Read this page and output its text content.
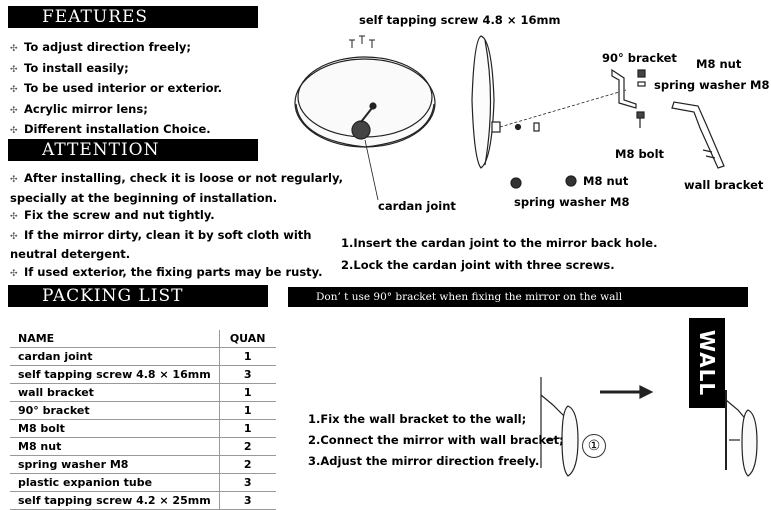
FEATURES
✣ To adjust direction freely;
✣ To install easily;
✣ To be used interior or exterior.
✣ Acrylic mirror lens;
✣ Different installation Choice.
ATTENTION
✣ After installing, check it is loose or not regularly,
specially at the beginning of installation.
✣ Fix the screw and nut tightly.
✣ If the mirror dirty, clean it by soft cloth with
neutral detergent.
✣ If used exterior, the fixing parts may be rusty.
PACKING LIST
NAME	QUAN
cardan joint	1
self tapping screw 4.8 × 16mm	3
wall bracket	1
90° bracket	1
M8 bolt	1
M8 nut	2
spring washer M8	2
plastic expanion tube	3
self tapping screw 4.2 × 25mm	3
self tapping screw 4.8 × 16mm
90° bracket M8 nut
spring washer M8
M8 bolt
M8 nut	wall bracket
spring washer M8
cardan joint
1.Insert the cardan joint to the mirror back hole.
2.Lock the cardan joint with three screws.
Don’ t use 90° bracket when fixing the mirror on the wall
WALL
①
1.Fix the wall bracket to the wall;
2.Connect the mirror with wall bracket;
3.Adjust the mirror direction freely.
